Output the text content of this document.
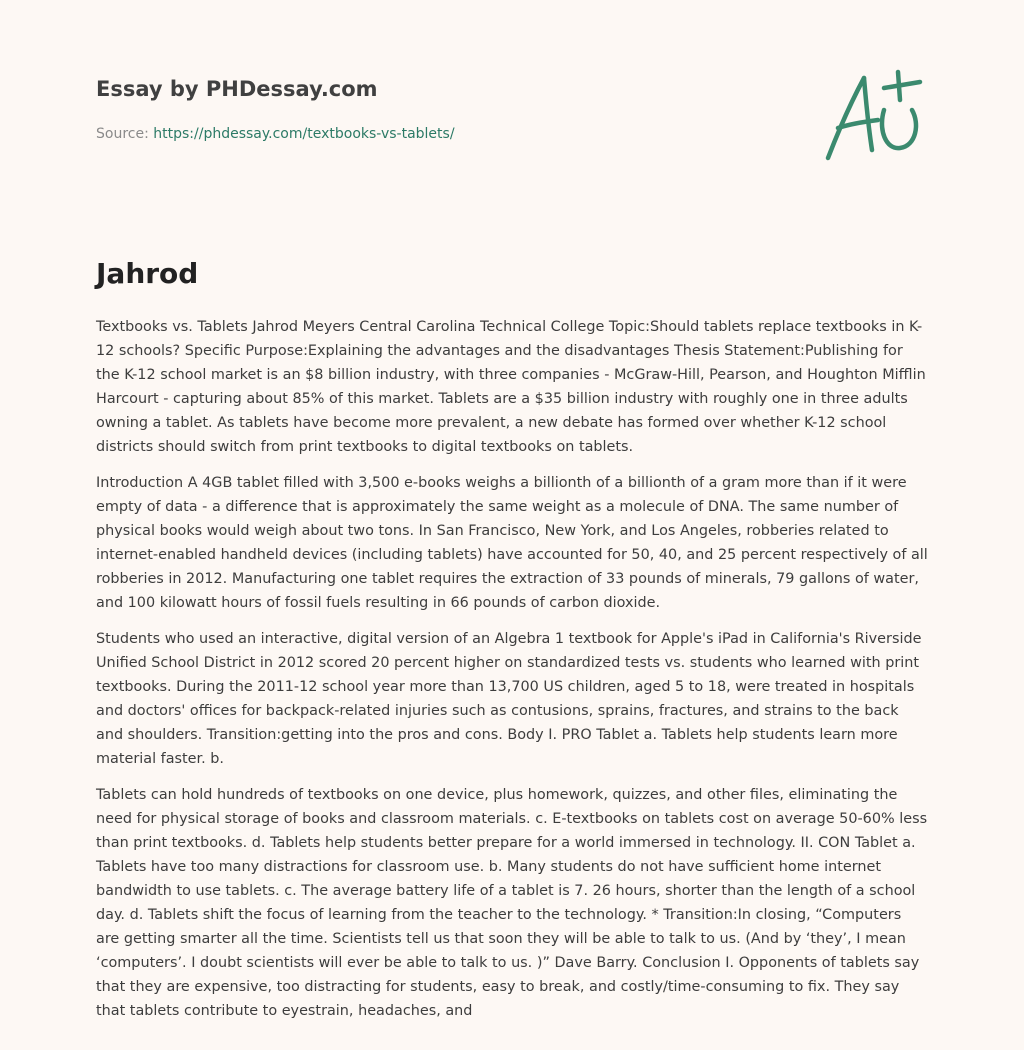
Essay by PHDessay.com
Source: https://phdessay.com/textbooks-vs-tablets/
Jahrod

Textbooks vs. Tablets Jahrod Meyers Central Carolina Technical College Topic:Should tablets replace textbooks in K-12 schools? Specific Purpose:Explaining the advantages and the disadvantages Thesis Statement:Publishing for the K-12 school market is an $8 billion industry, with three companies - McGraw-Hill, Pearson, and Houghton Mifflin Harcourt - capturing about 85% of this market. Tablets are a $35 billion industry with roughly one in three adults owning a tablet. As tablets have become more prevalent, a new debate has formed over whether K-12 school districts should switch from print textbooks to digital textbooks on tablets.

Introduction A 4GB tablet filled with 3,500 e-books weighs a billionth of a billionth of a gram more than if it were empty of data - a difference that is approximately the same weight as a molecule of DNA. The same number of physical books would weigh about two tons. In San Francisco, New York, and Los Angeles, robberies related to internet-enabled handheld devices (including tablets) have accounted for 50, 40, and 25 percent respectively of all robberies in 2012. Manufacturing one tablet requires the extraction of 33 pounds of minerals, 79 gallons of water, and 100 kilowatt hours of fossil fuels resulting in 66 pounds of carbon dioxide.

Students who used an interactive, digital version of an Algebra 1 textbook for Apple's iPad in California's Riverside Unified School District in 2012 scored 20 percent higher on standardized tests vs. students who learned with print textbooks. During the 2011-12 school year more than 13,700 US children, aged 5 to 18, were treated in hospitals and doctors' offices for backpack-related injuries such as contusions, sprains, fractures, and strains to the back and shoulders. Transition:getting into the pros and cons. Body I. PRO Tablet a. Tablets help students learn more material faster. b.

Tablets can hold hundreds of textbooks on one device, plus homework, quizzes, and other files, eliminating the need for physical storage of books and classroom materials. c. E-textbooks on tablets cost on average 50-60% less than print textbooks. d. Tablets help students better prepare for a world immersed in technology. II. CON Tablet a. Tablets have too many distractions for classroom use. b. Many students do not have sufficient home internet bandwidth to use tablets. c. The average battery life of a tablet is 7. 26 hours, shorter than the length of a school day. d. Tablets shift the focus of learning from the teacher to the technology. * Transition:In closing, “Computers are getting smarter all the time. Scientists tell us that soon they will be able to talk to us. (And by ‘they’, I mean ‘computers’. I doubt scientists will ever be able to talk to us. )” Dave Barry. Conclusion I. Opponents of tablets say that they are expensive, too distracting for students, easy to break, and costly/time-consuming to fix. They say that tablets contribute to eyestrain, headaches, and
